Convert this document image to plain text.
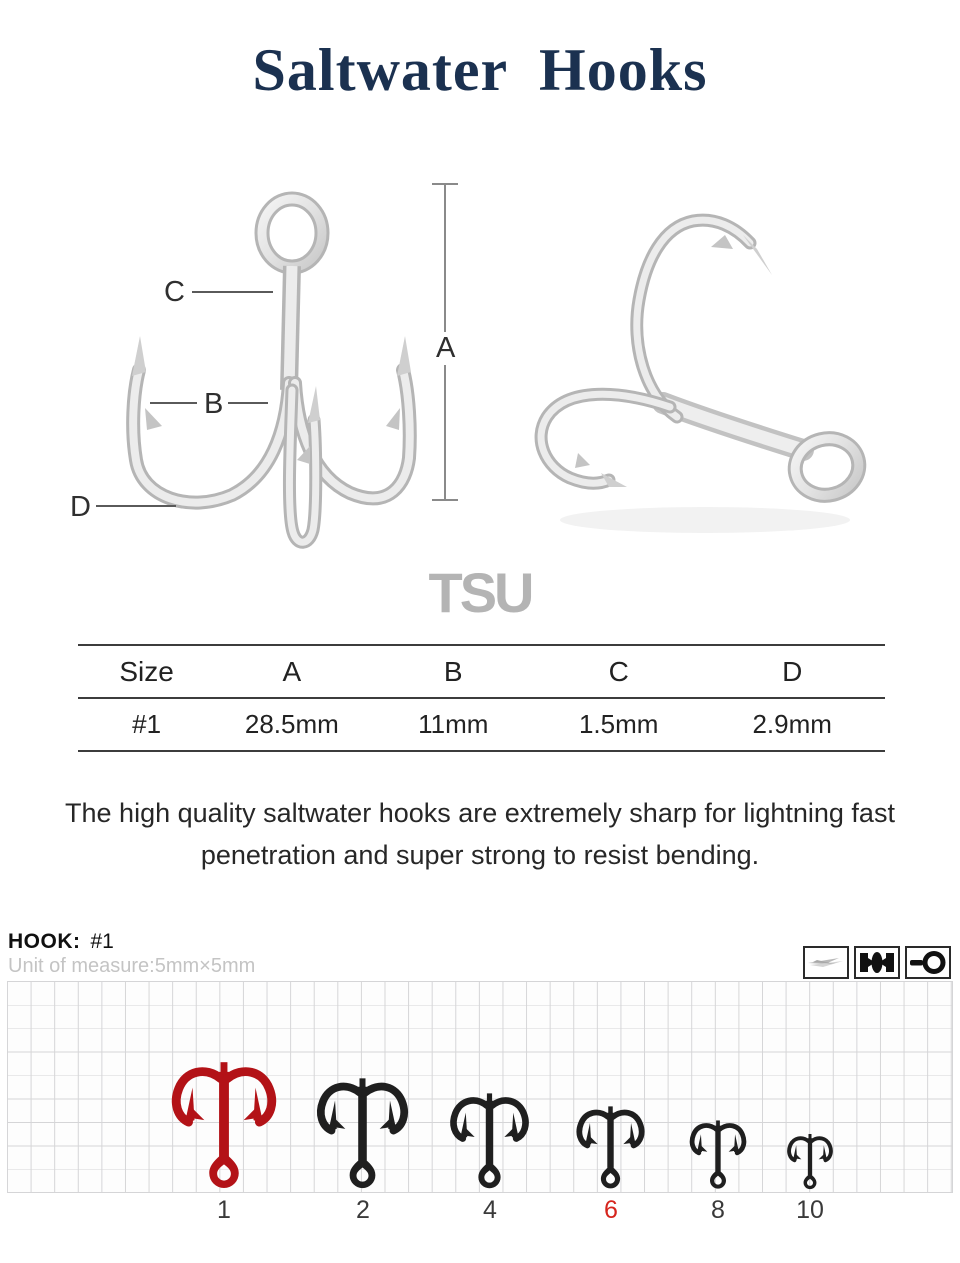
Saltwater  Hooks
C
B
D
A
TSU
Size	A	B	C	D
#1	28.5mm	11mm	1.5mm	2.9mm
The high quality saltwater hooks are extremely sharp for lightning fast
penetration and super strong to resist bending.
HOOK: #1
Unit of measure:5mm×5mm
1	2	4	6	8	10
